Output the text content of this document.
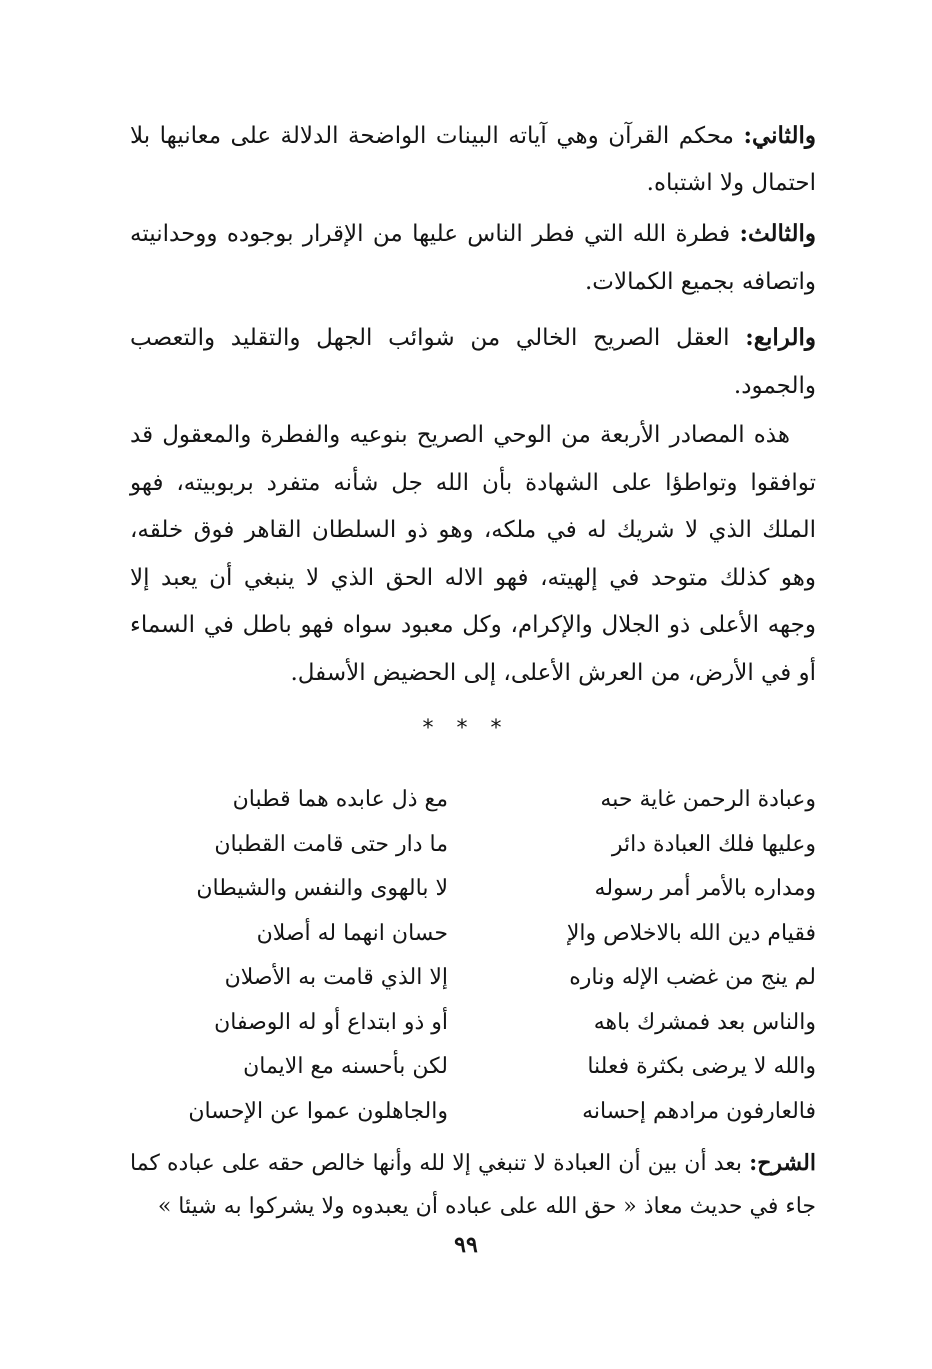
والثاني: محكم القرآن وهي آياته البينات الواضحة الدلالة على معانيها بلا احتمال ولا اشتباه.

والثالث: فطرة الله التي فطر الناس عليها من الإقرار بوجوده ووحدانيته واتصافه بجميع الكمالات.

والرابع: العقل الصريح الخالي من شوائب الجهل والتقليد والتعصب والجمود.

هذه المصادر الأربعة من الوحي الصريح بنوعيه والفطرة والمعقول قد توافقوا وتواطؤا على الشهادة بأن الله جل شأنه متفرد بربوبيته، فهو الملك الذي لا شريك له في ملكه، وهو ذو السلطان القاهر فوق خلقه، وهو كذلك متوحد في إلهيته، فهو الاله الحق الذي لا ينبغي أن يعبد إلا وجهه الأعلى ذو الجلال والإكرام، وكل معبود سواه فهو باطل في السماء أو في الأرض، من العرش الأعلى، إلى الحضيض الأسفل.

* * *
وعبادة الرحمن غاية حبه
مع ذل عابده هما قطبان
وعليها فلك العبادة دائر
ما دار حتى قامت القطبان
ومداره بالأمر أمر رسوله
لا بالهوى والنفس والشيطان
فقيام دين الله بالاخلاص والإ
حسان انهما له أصلان
لم ينج من غضب الإله وناره
إلا الذي قامت به الأصلان
والناس بعد فمشرك باهه
أو ذو ابتداع أو له الوصفان
والله لا يرضى بكثرة فعلنا
لكن بأحسنه مع الايمان
فالعارفون مرادهم إحسانه
والجاهلون عموا عن الإحسان

الشرح: بعد أن بين أن العبادة لا تنبغي إلا لله وأنها خالص حقه على عباده كما جاء في حديث معاذ « حق الله على عباده أن يعبدوه ولا يشركوا به شيئا »

٩٩
